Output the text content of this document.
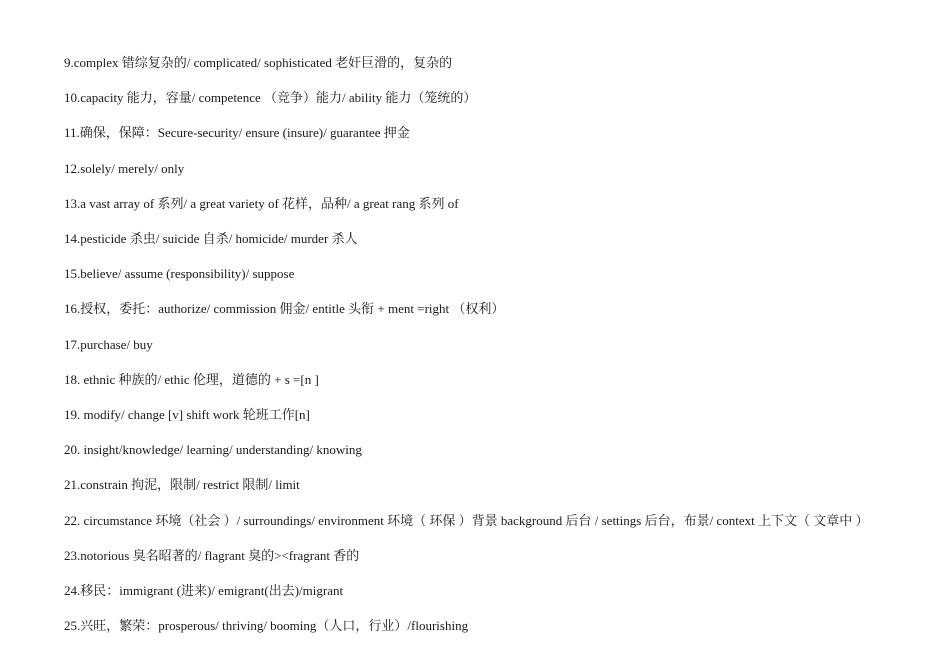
9.complex 错综复杂的/ complicated/ sophisticated 老奸巨滑的，复杂的
10.capacity 能力，容量/ competence （竞争）能力/ ability 能力（笼统的）
11.确保，保障：Secure-security/ ensure (insure)/ guarantee 押金
12.solely/ merely/ only
13.a vast array of 系列/ a great variety of 花样，品种/ a great rang 系列 of
14.pesticide 杀虫/ suicide 自杀/ homicide/ murder 杀人
15.believe/ assume (responsibility)/ suppose
16.授权，委托：authorize/ commission 佣金/ entitle 头衔 + ment =right （权利）
17.purchase/ buy
18. ethnic 种族的/ ethic 伦理，道德的 + s =[n ]
19. modify/ change [v] shift work 轮班工作[n]
20. insight/knowledge/ learning/ understanding/ knowing
21.constrain 拘泥，限制/ restrict 限制/ limit
22. circumstance 环境（社会 ）/ surroundings/ environment 环境（ 环保 ）背景 background 后台 / settings 后台，布景/ context 上下文（ 文章中 ）
23.notorious 臭名昭著的/ flagrant 臭的><fragrant 香的
24.移民：immigrant (进来)/ emigrant(出去)/migrant
25.兴旺，繁荣：prosperous/ thriving/ booming（人口，行业）/flourishing
